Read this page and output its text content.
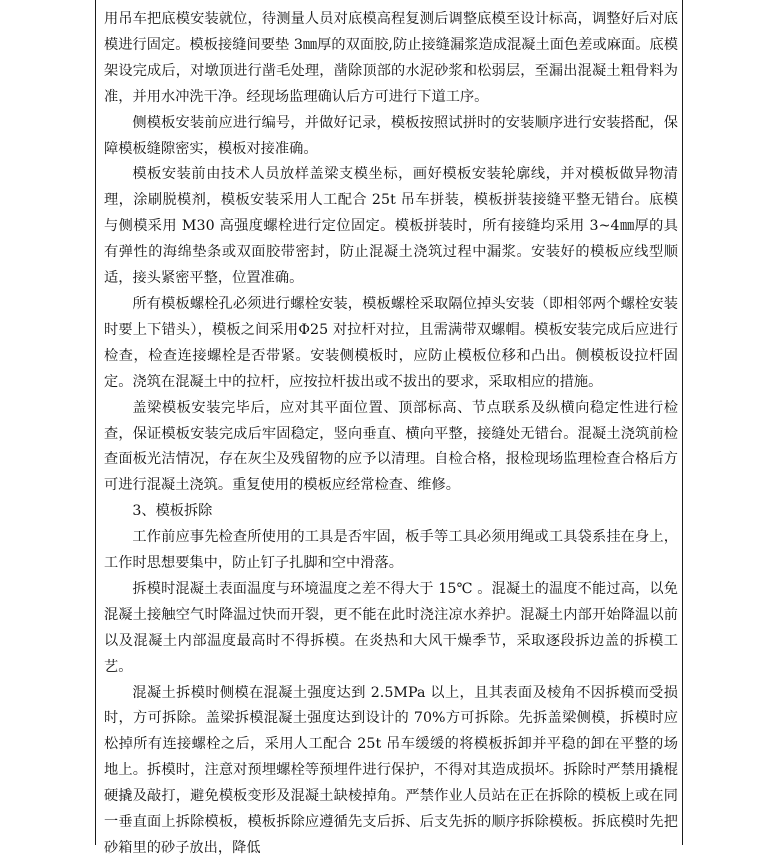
用吊车把底模安装就位，待测量人员对底模高程复测后调整底模至设计标高，调整好后对底模进行固定。模板接缝间要垫 3㎜厚的双面胶,防止接缝漏浆造成混凝土面色差或麻面。底模架设完成后，对墩顶进行凿毛处理，凿除顶部的水泥砂浆和松弱层，至漏出混凝土粗骨料为准，并用水冲洗干净。经现场监理确认后方可进行下道工序。

侧模板安装前应进行编号，并做好记录，模板按照试拼时的安装顺序进行安装搭配，保障模板缝隙密实，模板对接准确。

模板安装前由技术人员放样盖梁支模坐标，画好模板安装轮廓线，并对模板做异物清理，涂刷脱模剂，模板安装采用人工配合 25t 吊车拼装，模板拼装接缝平整无错台。底模与侧模采用 M30 高强度螺栓进行定位固定。模板拼装时，所有接缝均采用 3~4㎜厚的具有弹性的海绵垫条或双面胶带密封，防止混凝土浇筑过程中漏浆。安装好的模板应线型顺适，接头紧密平整，位置准确。

所有模板螺栓孔必须进行螺栓安装，模板螺栓采取隔位掉头安装（即相邻两个螺栓安装时要上下错头），模板之间采用Φ25 对拉杆对拉，且需满带双螺帽。模板安装完成后应进行检查，检查连接螺栓是否带紧。安装侧模板时，应防止模板位移和凸出。侧模板设拉杆固定。浇筑在混凝土中的拉杆，应按拉杆拔出或不拔出的要求，采取相应的措施。

盖梁模板安装完毕后，应对其平面位置、顶部标高、节点联系及纵横向稳定性进行检查，保证模板安装完成后牢固稳定，竖向垂直、横向平整，接缝处无错台。混凝土浇筑前检查面板光洁情况，存在灰尘及残留物的应予以清理。自检合格，报检现场监理检查合格后方可进行混凝土浇筑。重复使用的模板应经常检查、维修。

3、模板拆除

工作前应事先检查所使用的工具是否牢固，板手等工具必须用绳或工具袋系挂在身上，工作时思想要集中，防止钉子扎脚和空中滑落。

拆模时混凝土表面温度与环境温度之差不得大于 15℃ 。混凝土的温度不能过高，以免混凝土接触空气时降温过快而开裂，更不能在此时浇注凉水养护。混凝土内部开始降温以前以及混凝土内部温度最高时不得拆模。在炎热和大风干燥季节，采取逐段拆边盖的拆模工艺。

混凝土拆模时侧模在混凝土强度达到 2.5MPa 以上，且其表面及棱角不因拆模而受损时，方可拆除。盖梁拆模混凝土强度达到设计的 70%方可拆除。先拆盖梁侧模，拆模时应松掉所有连接螺栓之后，采用人工配合 25t 吊车缓缓的将模板拆卸并平稳的卸在平整的场地上。拆模时，注意对预埋螺栓等预埋件进行保护，不得对其造成损坏。拆除时严禁用撬棍硬撬及敲打，避免模板变形及混凝土缺棱掉角。严禁作业人员站在正在拆除的模板上或在同一垂直面上拆除模板，模板拆除应遵循先支后拆、后支先拆的顺序拆除模板。拆底模时先把砂箱里的砂子放出，降低
